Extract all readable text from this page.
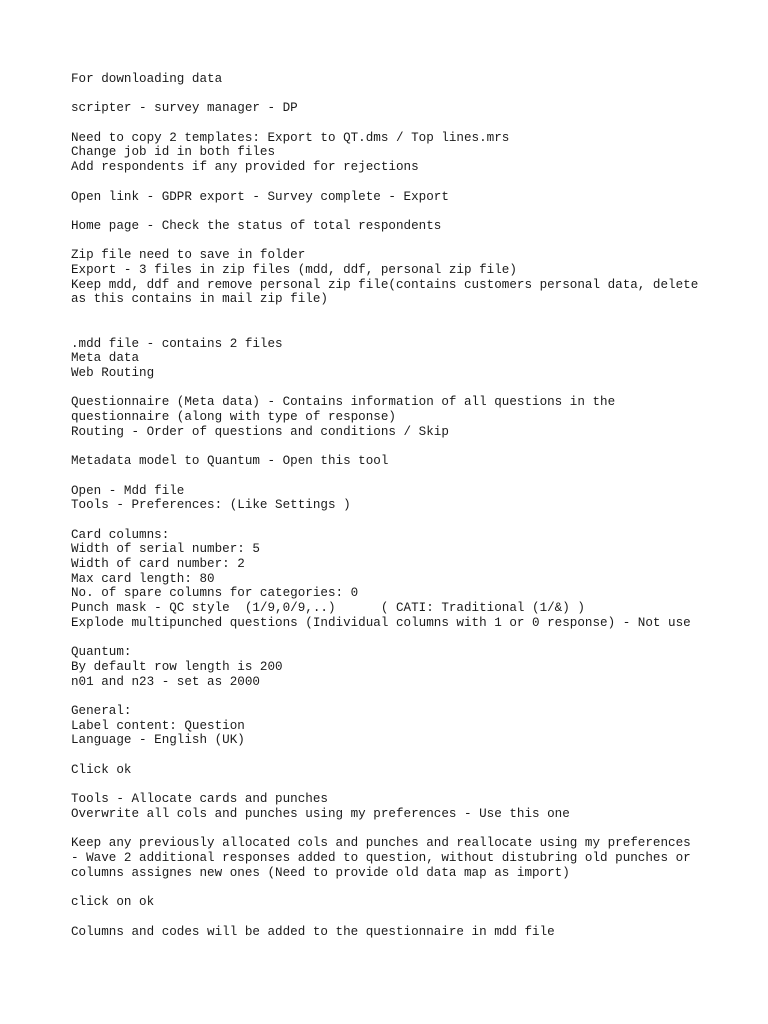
For downloading data
scripter - survey manager - DP
Need to copy 2 templates: Export to QT.dms / Top lines.mrs
Change job id in both files
Add respondents if any provided for rejections
Open link - GDPR export - Survey complete - Export
Home page - Check the status of total respondents
Zip file need to save in folder
Export - 3 files in zip files (mdd, ddf, personal zip file)
Keep mdd, ddf and remove personal zip file(contains customers personal data, delete
as this contains in mail zip file)
.mdd file - contains 2 files
Meta data
Web Routing
Questionnaire (Meta data) - Contains information of all questions in the
questionnaire (along with type of response)
Routing - Order of questions and conditions / Skip
Metadata model to Quantum - Open this tool
Open - Mdd file
Tools - Preferences: (Like Settings )
Card columns:
Width of serial number: 5
Width of card number: 2
Max card length: 80
No. of spare columns for categories: 0
Punch mask - QC style  (1/9,0/9,..)      ( CATI: Traditional (1/&) )
Explode multipunched questions (Individual columns with 1 or 0 response) - Not use
Quantum:
By default row length is 200
n01 and n23 - set as 2000
General:
Label content: Question
Language - English (UK)
Click ok
Tools - Allocate cards and punches
Overwrite all cols and punches using my preferences - Use this one
Keep any previously allocated cols and punches and reallocate using my preferences
- Wave 2 additional responses added to question, without distubring old punches or
columns assignes new ones (Need to provide old data map as import)
click on ok
Columns and codes will be added to the questionnaire in mdd file
